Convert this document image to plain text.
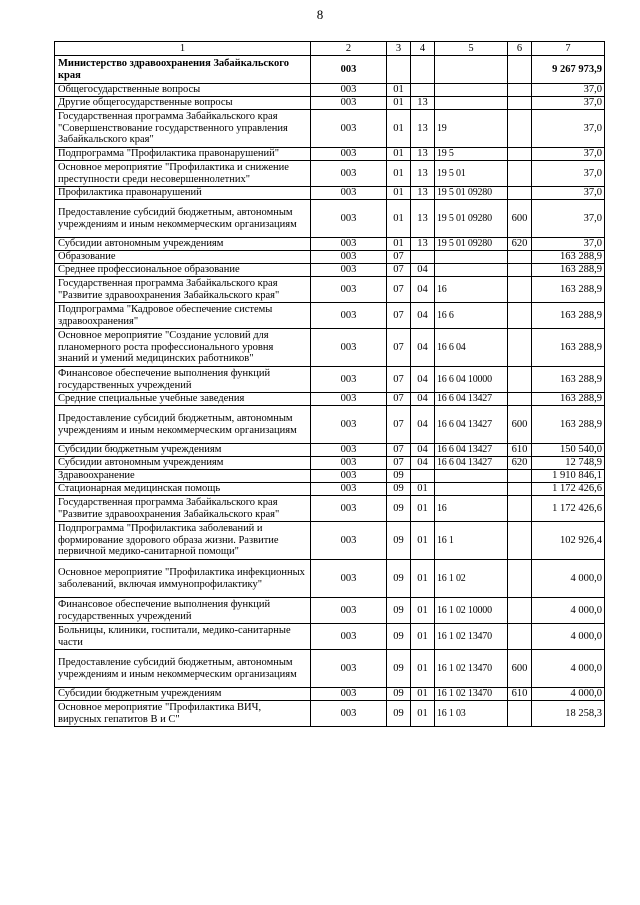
8
1	2	3	4	5	6	7
Министерство здравоохранения Забайкальского края	003					9 267 973,9
Общегосударственные вопросы	003	01				37,0
Другие общегосударственные вопросы	003	01	13			37,0
Государственная программа Забайкальского края "Совершенствование государственного управления Забайкальского края"	003	01	13	19		37,0
Подпрограмма "Профилактика правонарушений"	003	01	13	19 5		37,0
Основное мероприятие "Профилактика и снижение преступности среди несовершеннолетних"	003	01	13	19 5 01		37,0
Профилактика правонарушений	003	01	13	19 5 01 09280		37,0
Предоставление субсидий бюджетным, автономным учреждениям и иным некоммерческим организациям	003	01	13	19 5 01 09280	600	37,0
Субсидии автономным учреждениям	003	01	13	19 5 01 09280	620	37,0
Образование	003	07				163 288,9
Среднее профессиональное образование	003	07	04			163 288,9
Государственная программа Забайкальского края "Развитие здравоохранения Забайкальского края"	003	07	04	16		163 288,9
Подпрограмма "Кадровое обеспечение системы здравоохранения"	003	07	04	16 6		163 288,9
Основное мероприятие "Создание условий для планомерного роста профессионального уровня знаний и умений медицинских работников"	003	07	04	16 6 04		163 288,9
Финансовое обеспечение выполнения функций государственных учреждений	003	07	04	16 6 04 10000		163 288,9
Средние специальные учебные заведения	003	07	04	16 6 04 13427		163 288,9
Предоставление субсидий бюджетным, автономным учреждениям и иным некоммерческим организациям	003	07	04	16 6 04 13427	600	163 288,9
Субсидии бюджетным учреждениям	003	07	04	16 6 04 13427	610	150 540,0
Субсидии автономным учреждениям	003	07	04	16 6 04 13427	620	12 748,9
Здравоохранение	003	09				1 910 846,1
Стационарная медицинская помощь	003	09	01			1 172 426,6
Государственная программа Забайкальского края "Развитие здравоохранения Забайкальского края"	003	09	01	16		1 172 426,6
Подпрограмма "Профилактика заболеваний и формирование здорового образа жизни. Развитие первичной медико-санитарной помощи"	003	09	01	16 1		102 926,4
Основное мероприятие "Профилактика инфекционных заболеваний, включая иммунопрофилактику"	003	09	01	16 1 02		4 000,0
Финансовое обеспечение выполнения функций государственных учреждений	003	09	01	16 1 02 10000		4 000,0
Больницы, клиники, госпитали, медико-санитарные части	003	09	01	16 1 02 13470		4 000,0
Предоставление субсидий бюджетным, автономным учреждениям и иным некоммерческим организациям	003	09	01	16 1 02 13470	600	4 000,0
Субсидии бюджетным учреждениям	003	09	01	16 1 02 13470	610	4 000,0
Основное мероприятие "Профилактика ВИЧ, вирусных гепатитов В и С"	003	09	01	16 1 03		18 258,3
